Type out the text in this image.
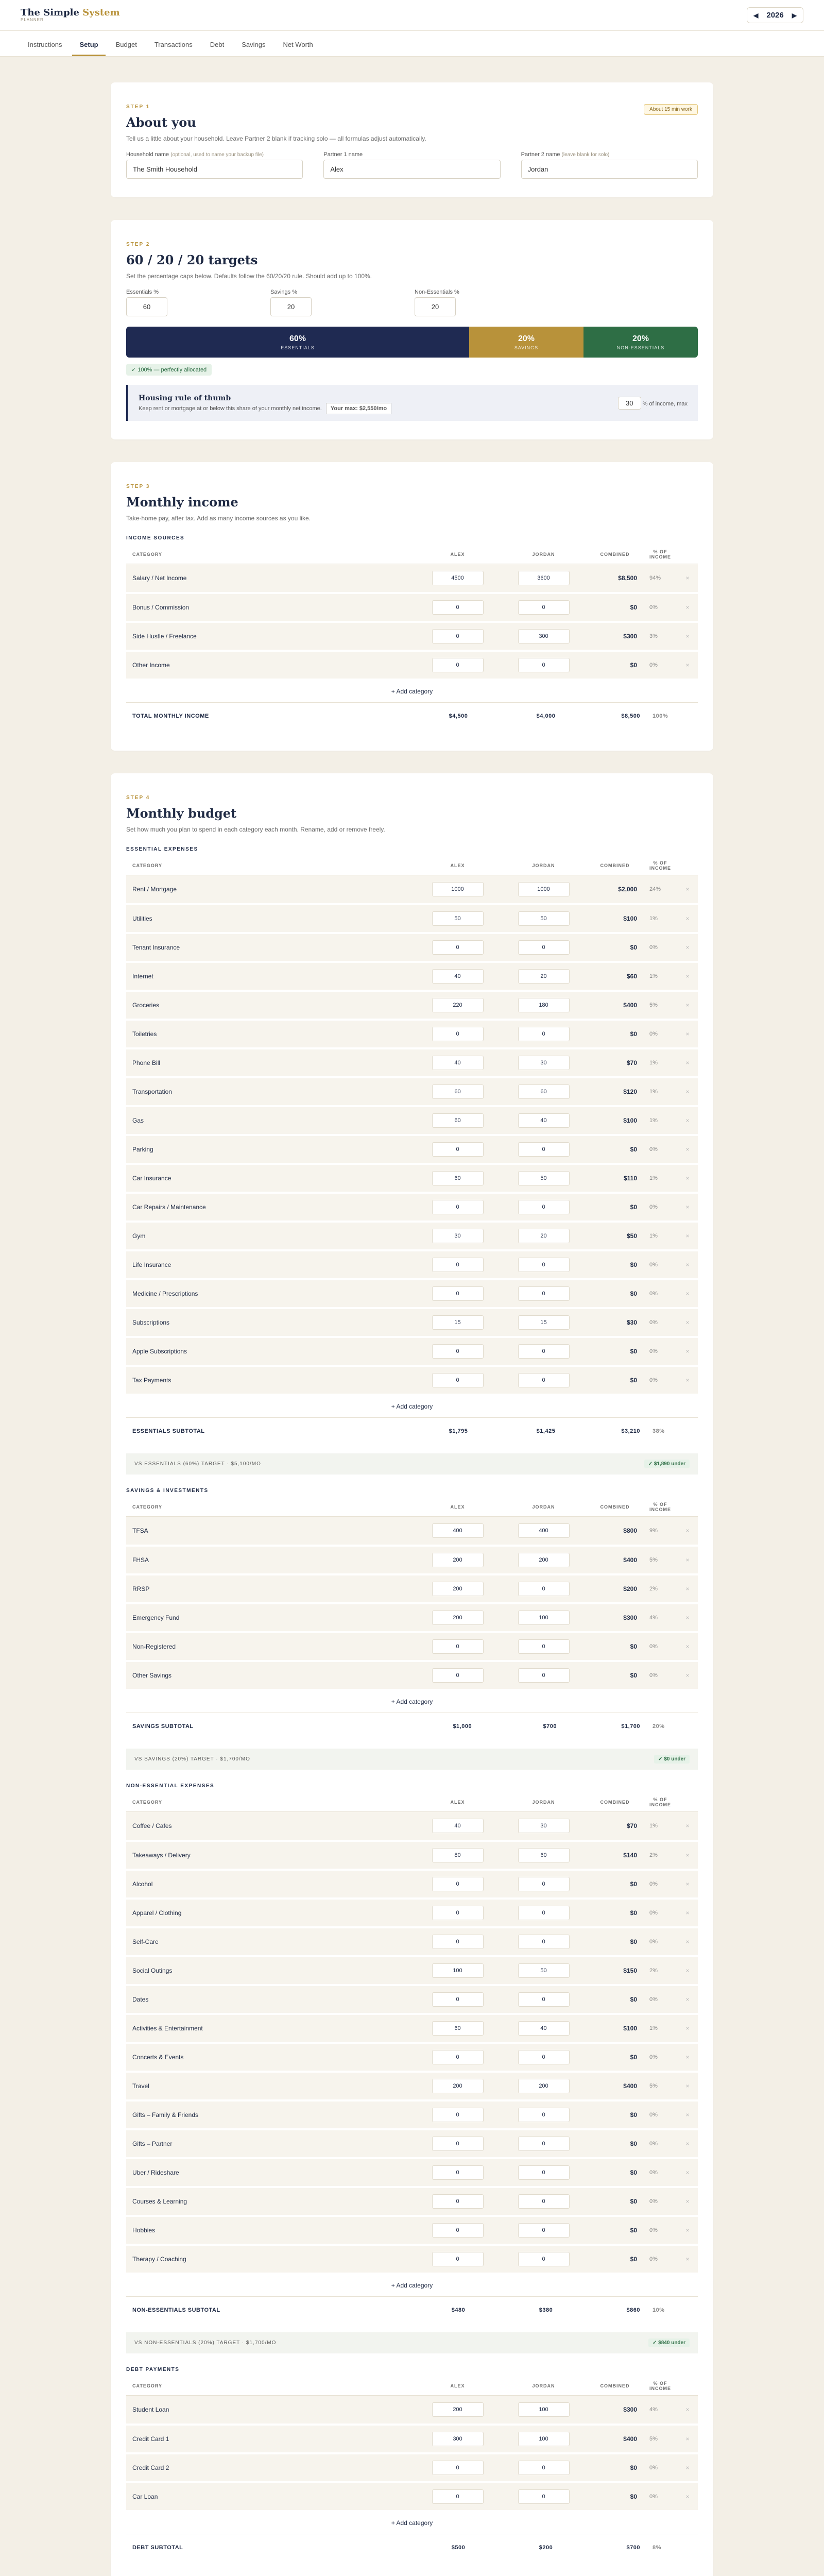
The Simple System
PLANNER
◀ 2026 ▶
Instructions	Setup	Budget	Transactions	Debt	Savings	Net Worth
STEP 1	About 15 min work
About you

Tell us a little about your household. Leave Partner 2 blank if tracking solo — all formulas adjust automatically.

Household name (optional, used to name your backup file)
The Smith Household
Partner 1 name
Alex
Partner 2 name (leave blank for solo)
Jordan
STEP 2
60 / 20 / 20 targets

Set the percentage caps below. Defaults follow the 60/20/20 rule. Should add up to 100%.

Essentials %
60
Savings %
20
Non-Essentials %
20
60%
ESSENTIALS
20%
SAVINGS
20%
NON-ESSENTIALS
✓ 100% — perfectly allocated
Housing rule of thumb

Keep rent or mortgage at or below this share of your monthly net income. Your max: $2,550/mo

30 % of income, max
STEP 3
Monthly income

Take-home pay, after tax. Add as many income sources as you like.

INCOME SOURCES
CATEGORY	ALEX	JORDAN	COMBINED	% OF INCOME	
Salary / Net Income	4500	3600	$8,500	94%	×
Bonus / Commission	0	0	$0	0%	×
Side Hustle / Freelance	0	300	$300	3%	×
Other Income	0	0	$0	0%	×
+ Add category
TOTAL MONTHLY INCOME	$4,500	$4,000	$8,500	100%	
STEP 4
Monthly budget

Set how much you plan to spend in each category each month. Rename, add or remove freely.

ESSENTIAL EXPENSES
CATEGORY	ALEX	JORDAN	COMBINED	% OF INCOME	
Rent / Mortgage	1000	1000	$2,000	24%	×
Utilities	50	50	$100	1%	×
Tenant Insurance	0	0	$0	0%	×
Internet	40	20	$60	1%	×
Groceries	220	180	$400	5%	×
Toiletries	0	0	$0	0%	×
Phone Bill	40	30	$70	1%	×
Transportation	60	60	$120	1%	×
Gas	60	40	$100	1%	×
Parking	0	0	$0	0%	×
Car Insurance	60	50	$110	1%	×
Car Repairs / Maintenance	0	0	$0	0%	×
Gym	30	20	$50	1%	×
Life Insurance	0	0	$0	0%	×
Medicine / Prescriptions	0	0	$0	0%	×
Subscriptions	15	15	$30	0%	×
Apple Subscriptions	0	0	$0	0%	×
Tax Payments	0	0	$0	0%	×
+ Add category
ESSENTIALS SUBTOTAL	$1,795	$1,425	$3,210	38%	
VS ESSENTIALS (60%) TARGET · $5,100/MO	✓ $1,890 under
SAVINGS & INVESTMENTS
CATEGORY	ALEX	JORDAN	COMBINED	% OF INCOME	
TFSA	400	400	$800	9%	×
FHSA	200	200	$400	5%	×
RRSP	200	0	$200	2%	×
Emergency Fund	200	100	$300	4%	×
Non-Registered	0	0	$0	0%	×
Other Savings	0	0	$0	0%	×
+ Add category
SAVINGS SUBTOTAL	$1,000	$700	$1,700	20%	
VS SAVINGS (20%) TARGET · $1,700/MO	✓ $0 under
NON-ESSENTIAL EXPENSES
CATEGORY	ALEX	JORDAN	COMBINED	% OF INCOME	
Coffee / Cafes	40	30	$70	1%	×
Takeaways / Delivery	80	60	$140	2%	×
Alcohol	0	0	$0	0%	×
Apparel / Clothing	0	0	$0	0%	×
Self-Care	0	0	$0	0%	×
Social Outings	100	50	$150	2%	×
Dates	0	0	$0	0%	×
Activities & Entertainment	60	40	$100	1%	×
Concerts & Events	0	0	$0	0%	×
Travel	200	200	$400	5%	×
Gifts – Family & Friends	0	0	$0	0%	×
Gifts – Partner	0	0	$0	0%	×
Uber / Rideshare	0	0	$0	0%	×
Courses & Learning	0	0	$0	0%	×
Hobbies	0	0	$0	0%	×
Therapy / Coaching	0	0	$0	0%	×
+ Add category
NON-ESSENTIALS SUBTOTAL	$480	$380	$860	10%	
VS NON-ESSENTIALS (20%) TARGET · $1,700/MO	✓ $840 under
DEBT PAYMENTS
CATEGORY	ALEX	JORDAN	COMBINED	% OF INCOME	
Student Loan	200	100	$300	4%	×
Credit Card 1	300	100	$400	5%	×
Credit Card 2	0	0	$0	0%	×
Car Loan	0	0	$0	0%	×
+ Add category
DEBT SUBTOTAL	$500	$200	$700	8%	
